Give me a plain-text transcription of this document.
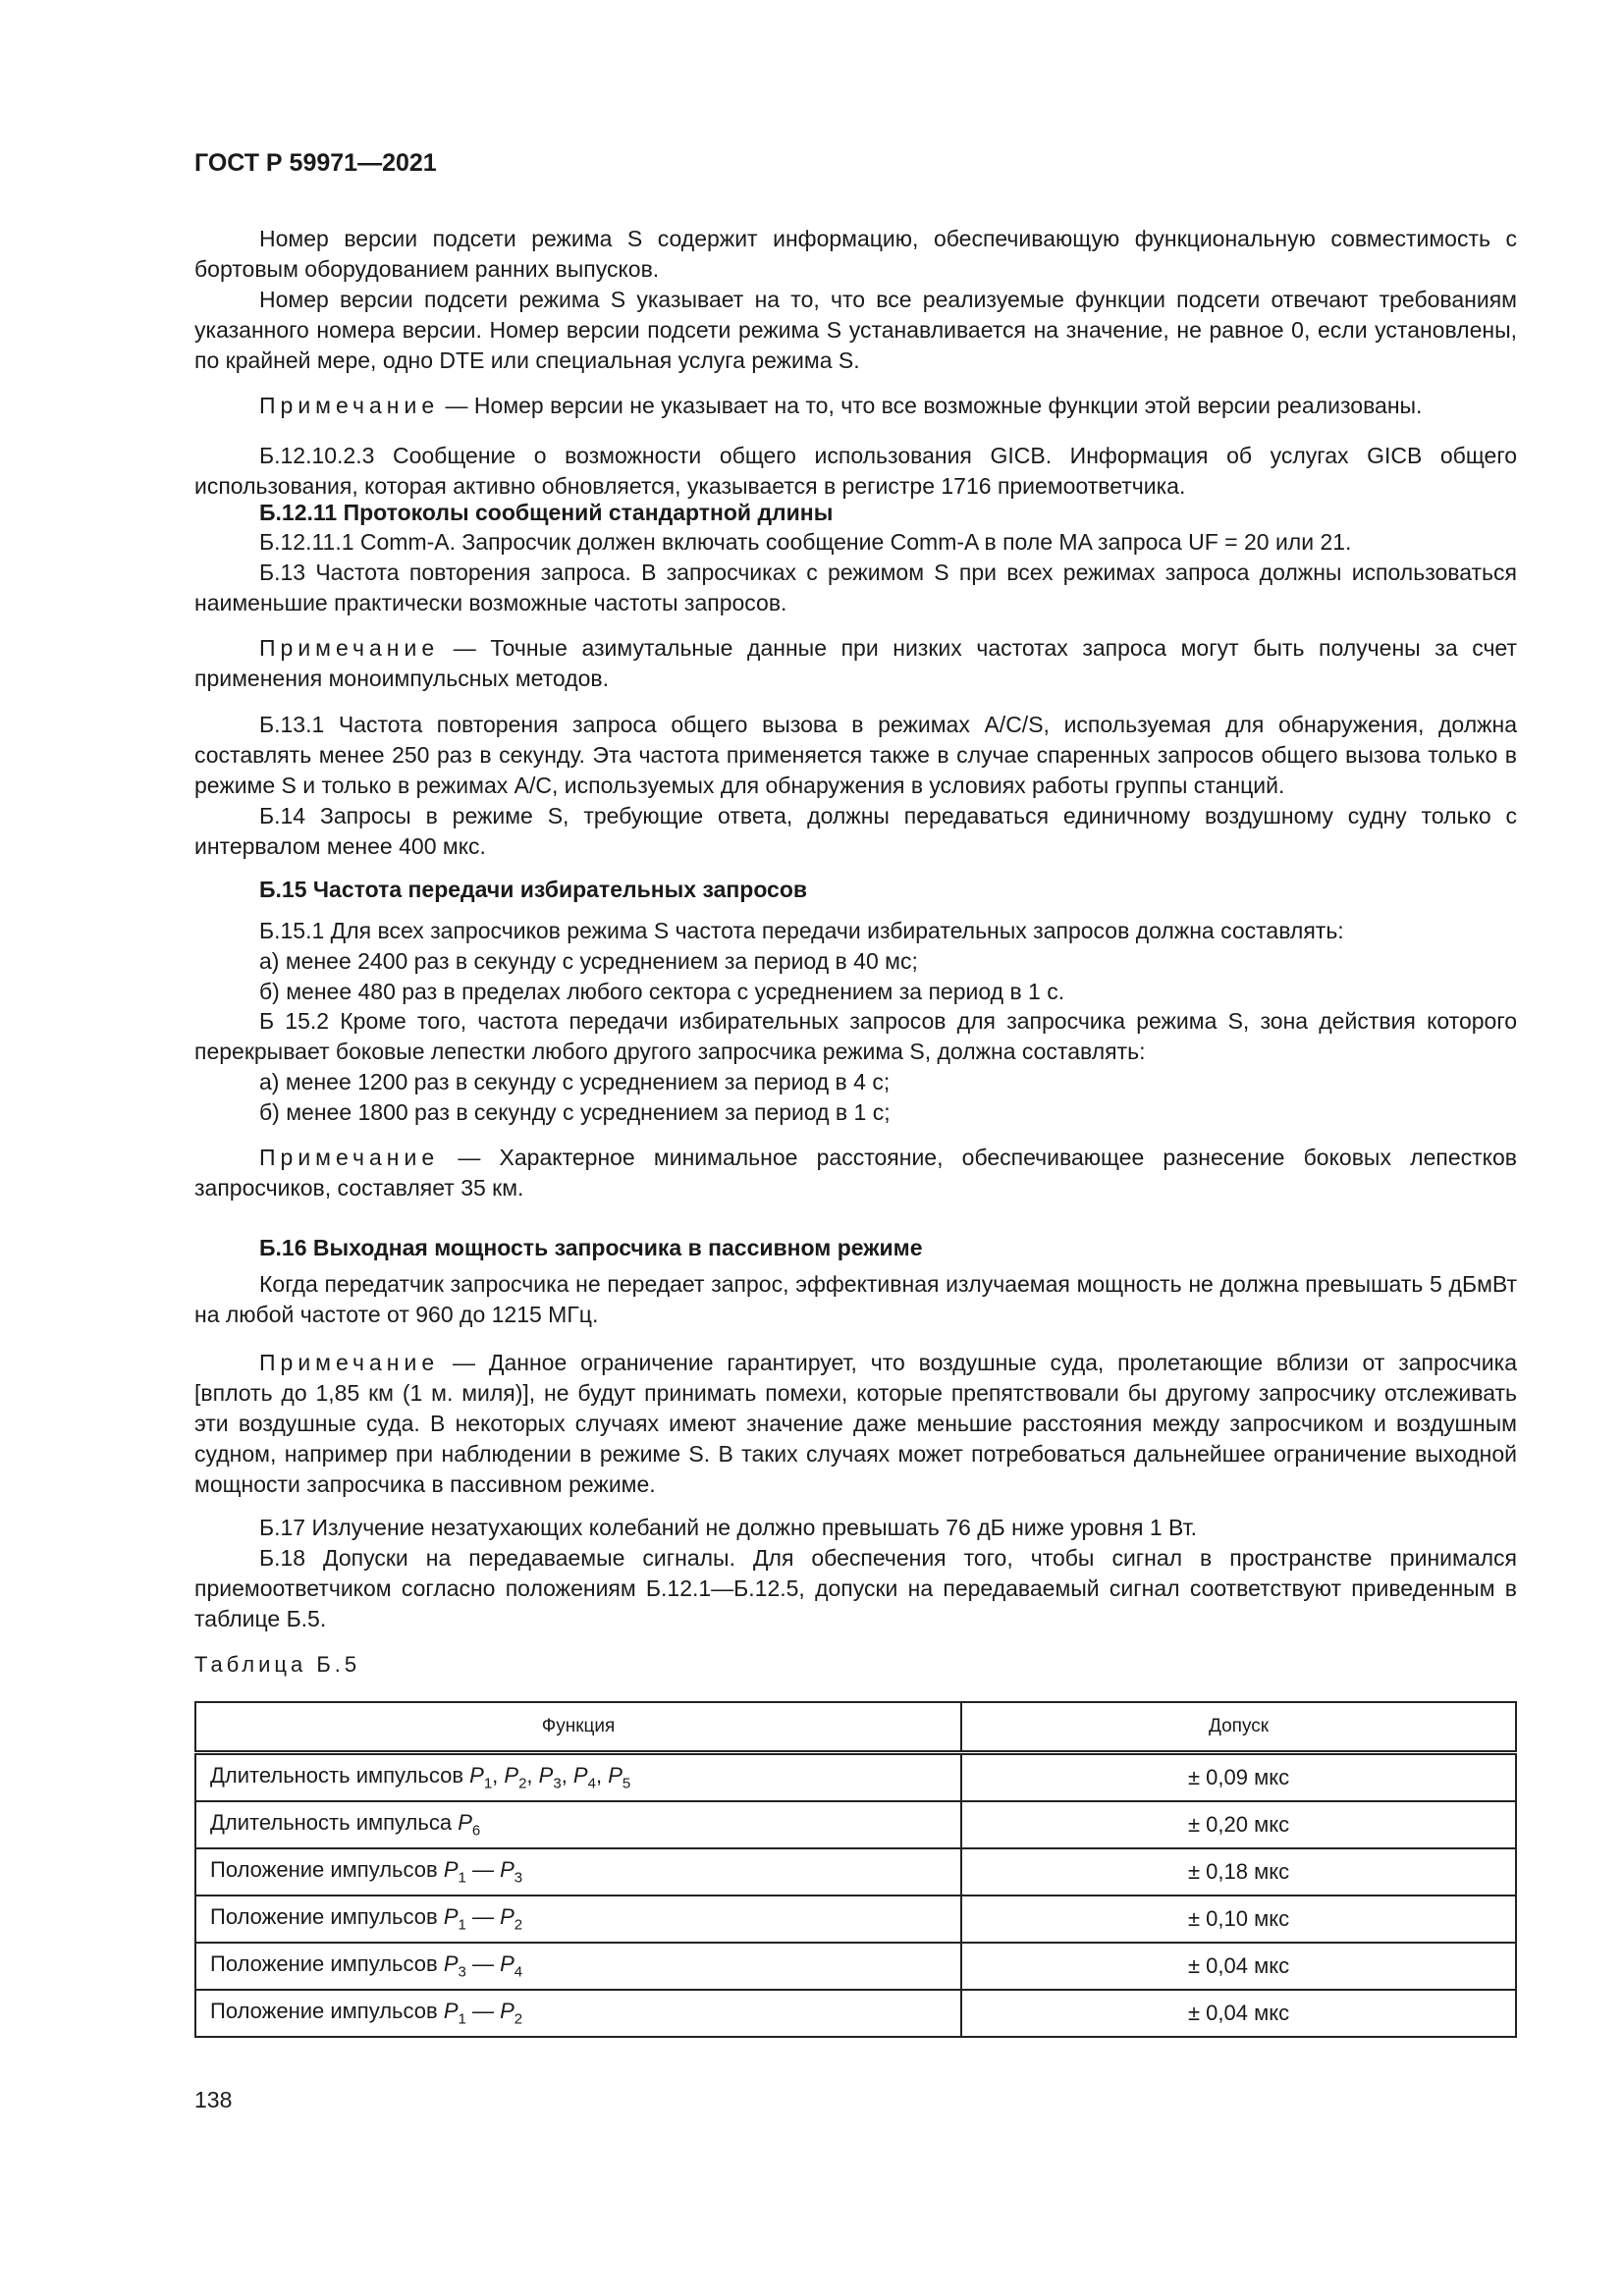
ГОСТ Р 59971—2021
Номер версии подсети режима S содержит информацию, обеспечивающую функциональную совместимость с бортовым оборудованием ранних выпусков.
Номер версии подсети режима S указывает на то, что все реализуемые функции подсети отвечают требованиям указанного номера версии. Номер версии подсети режима S устанавливается на значение, не равное 0, если установлены, по крайней мере, одно DTE или специальная услуга режима S.
Примечание — Номер версии не указывает на то, что все возможные функции этой версии реализованы.
Б.12.10.2.3 Сообщение о возможности общего использования GICB. Информация об услугах GICB общего использования, которая активно обновляется, указывается в регистре 1716 приемоответчика.
Б.12.11 Протоколы сообщений стандартной длины
Б.12.11.1 Comm-A. Запросчик должен включать сообщение Comm-A в поле MA запроса UF = 20 или 21.
Б.13 Частота повторения запроса. В запросчиках с режимом S при всех режимах запроса должны использоваться наименьшие практически возможные частоты запросов.
Примечание — Точные азимутальные данные при низких частотах запроса могут быть получены за счет применения моноимпульсных методов.
Б.13.1 Частота повторения запроса общего вызова в режимах A/C/S, используемая для обнаружения, должна составлять менее 250 раз в секунду. Эта частота применяется также в случае спаренных запросов общего вызова только в режиме S и только в режимах A/C, используемых для обнаружения в условиях работы группы станций.
Б.14 Запросы в режиме S, требующие ответа, должны передаваться единичному воздушному судну только с интервалом менее 400 мкс.
Б.15 Частота передачи избирательных запросов
Б.15.1 Для всех запросчиков режима S частота передачи избирательных запросов должна составлять:
а) менее 2400 раз в секунду с усреднением за период в 40 мс;
б) менее 480 раз в пределах любого сектора с усреднением за период в 1 с.
Б 15.2 Кроме того, частота передачи избирательных запросов для запросчика режима S, зона действия которого перекрывает боковые лепестки любого другого запросчика режима S, должна составлять:
а) менее 1200 раз в секунду с усреднением за период в 4 с;
б) менее 1800 раз в секунду с усреднением за период в 1 с;
Примечание — Характерное минимальное расстояние, обеспечивающее разнесение боковых лепестков запросчиков, составляет 35 км.
Б.16 Выходная мощность запросчика в пассивном режиме
Когда передатчик запросчика не передает запрос, эффективная излучаемая мощность не должна превышать 5 дБмВт на любой частоте от 960 до 1215 МГц.
Примечание — Данное ограничение гарантирует, что воздушные суда, пролетающие вблизи от запросчика [вплоть до 1,85 км (1 м. миля)], не будут принимать помехи, которые препятствовали бы другому запросчику отслеживать эти воздушные суда. В некоторых случаях имеют значение даже меньшие расстояния между запросчиком и воздушным судном, например при наблюдении в режиме S. В таких случаях может потребоваться дальнейшее ограничение выходной мощности запросчика в пассивном режиме.
Б.17 Излучение незатухающих колебаний не должно превышать 76 дБ ниже уровня 1 Вт.
Б.18 Допуски на передаваемые сигналы. Для обеспечения того, чтобы сигнал в пространстве принимался приемоответчиком согласно положениям Б.12.1—Б.12.5, допуски на передаваемый сигнал соответствуют приведенным в таблице Б.5.
Таблица Б.5
Функция	Допуск
Длительность импульсов $P_1$, $P_2$, $P_3$, $P_4$, $P_5$	± 0,09 мкс
Длительность импульса $P_6$	± 0,20 мкс
Положение импульсов $P_1$ — $P_3$	± 0,18 мкс
Положение импульсов $P_1$ — $P_2$	± 0,10 мкс
Положение импульсов $P_3$ — $P_4$	± 0,04 мкс
Положение импульсов $P_1$ — $P_2$	± 0,04 мкс
138
